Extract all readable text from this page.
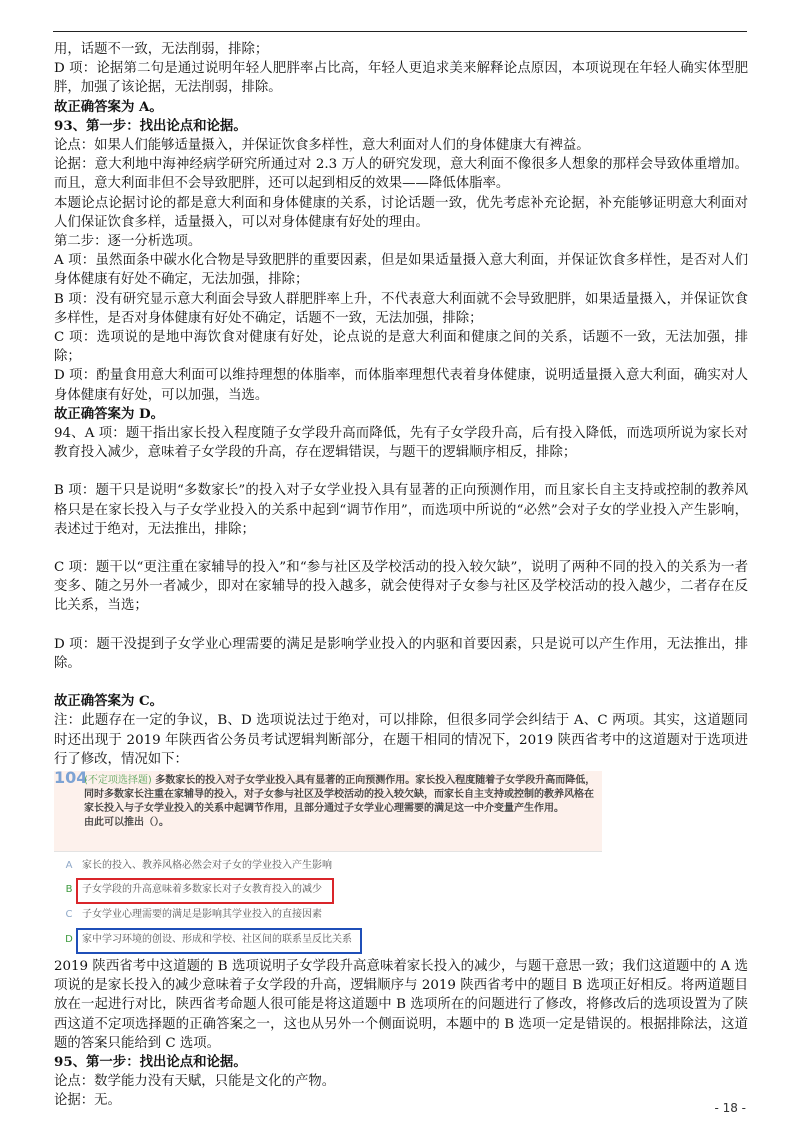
用，话题不一致，无法削弱，排除；

D 项：论据第二句是通过说明年轻人肥胖率占比高，年轻人更追求美来解释论点原因，本项说现在年轻人确实体型肥胖，加强了该论据，无法削弱，排除。

故正确答案为 A。

93、第一步：找出论点和论据。

论点：如果人们能够适量摄入，并保证饮食多样性，意大利面对人们的身体健康大有裨益。

论据：意大利地中海神经病学研究所通过对 2.3 万人的研究发现，意大利面不像很多人想象的那样会导致体重增加。而且，意大利面非但不会导致肥胖，还可以起到相反的效果——降低体脂率。

本题论点论据讨论的都是意大利面和身体健康的关系，讨论话题一致，优先考虑补充论据，补充能够证明意大利面对人们保证饮食多样，适量摄入，可以对身体健康有好处的理由。

第二步：逐一分析选项。

A 项：虽然面条中碳水化合物是导致肥胖的重要因素，但是如果适量摄入意大利面，并保证饮食多样性，是否对人们身体健康有好处不确定，无法加强，排除；

B 项：没有研究显示意大利面会导致人群肥胖率上升，不代表意大利面就不会导致肥胖，如果适量摄入，并保证饮食多样性，是否对身体健康有好处不确定，话题不一致，无法加强，排除；

C 项：选项说的是地中海饮食对健康有好处，论点说的是意大利面和健康之间的关系，话题不一致，无法加强，排除；

D 项：酌量食用意大利面可以维持理想的体脂率，而体脂率理想代表着身体健康，说明适量摄入意大利面，确实对人身体健康有好处，可以加强，当选。

故正确答案为 D。

94、A 项：题干指出家长投入程度随子女学段升高而降低，先有子女学段升高，后有投入降低，而选项所说为家长对教育投入减少，意味着子女学段的升高，存在逻辑错误，与题干的逻辑顺序相反，排除；

B 项：题干只是说明“多数家长”的投入对子女学业投入具有显著的正向预测作用，而且家长自主支持或控制的教养风格只是在家长投入与子女学业投入的关系中起到“调节作用”，而选项中所说的“必然”会对子女的学业投入产生影响，表述过于绝对，无法推出，排除；

C 项：题干以“更注重在家辅导的投入”和“参与社区及学校活动的投入较欠缺”，说明了两种不同的投入的关系为一者变多、随之另外一者减少，即对在家辅导的投入越多，就会使得对子女参与社区及学校活动的投入越少，二者存在反比关系，当选；

D 项：题干没提到子女学业心理需要的满足是影响学业投入的内驱和首要因素，只是说可以产生作用，无法推出，排除。

故正确答案为 C。

注：此题存在一定的争议，B、D 选项说法过于绝对，可以排除，但很多同学会纠结于 A、C 两项。其实，这道题同时还出现于 2019 年陕西省公务员考试逻辑判断部分，在题干相同的情况下，2019 陕西省考中的这道题对于选项进行了修改，情况如下：

104
(不定项选择题) 多数家长的投入对子女学业投入具有显著的正向预测作用。家长投入程度随着子女学段升高而降低，同时多数家长注重在家辅导的投入，对子女参与社区及学校活动的投入较欠缺，而家长自主支持或控制的教养风格在家长投入与子女学业投入的关系中起调节作用，且部分通过子女学业心理需要的满足这一中介变量产生作用。
由此可以推出（）。
A 家长的投入、教养风格必然会对子女的学业投入产生影响
B 子女学段的升高意味着多数家长对子女教育投入的减少
C 子女学业心理需要的满足是影响其学业投入的直接因素
D 家中学习环境的创设、形成和学校、社区间的联系呈反比关系

2019 陕西省考中这道题的 B 选项说明子女学段升高意味着家长投入的减少，与题干意思一致；我们这道题中的 A 选项说的是家长投入的减少意味着子女学段的升高，逻辑顺序与 2019 陕西省考中的题目 B 选项正好相反。将两道题目放在一起进行对比，陕西省考命题人很可能是将这道题中 B 选项所在的问题进行了修改，将修改后的选项设置为了陕西这道不定项选择题的正确答案之一，这也从另外一个侧面说明，本题中的 B 选项一定是错误的。根据排除法，这道题的答案只能给到 C 选项。

95、第一步：找出论点和论据。

论点：数学能力没有天赋，只能是文化的产物。

论据：无。	- 18 -
